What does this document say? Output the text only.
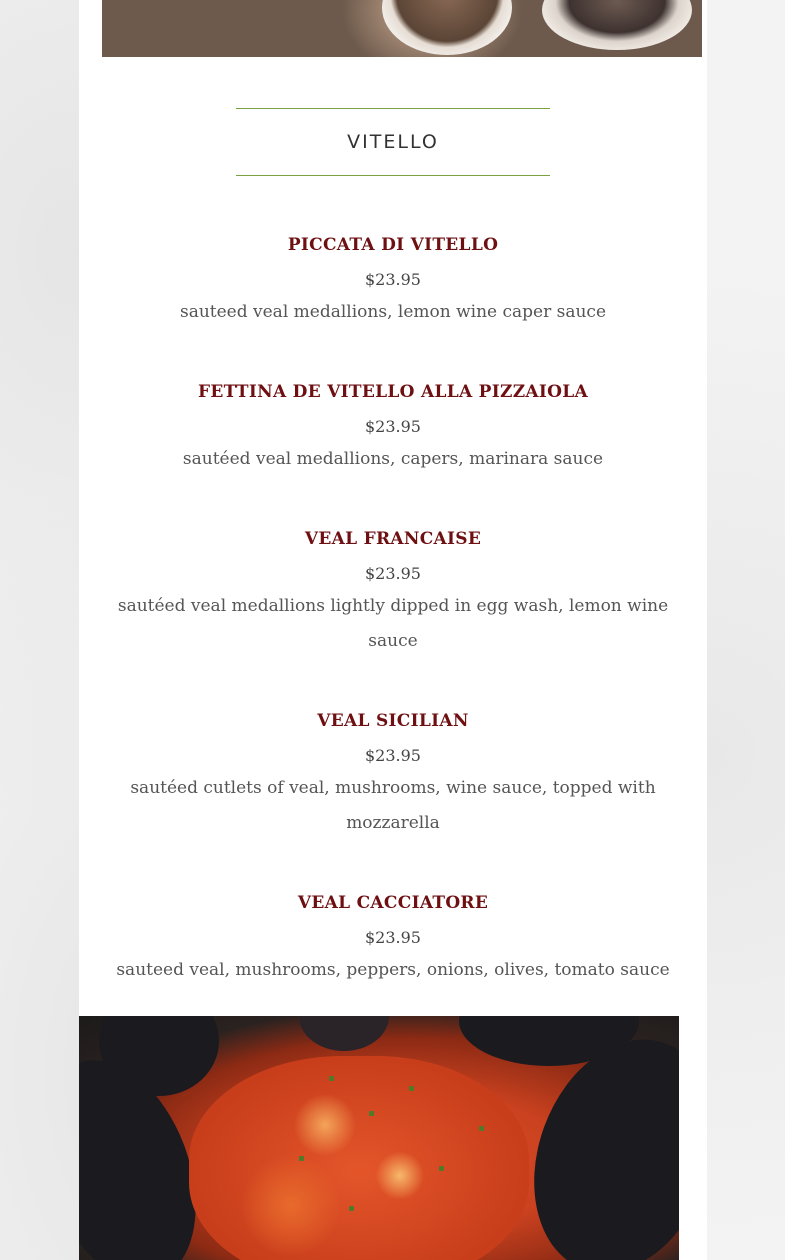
VITELLO
PICCATA DI VITELLO
$23.95
sauteed veal medallions, lemon wine caper sauce
FETTINA DE VITELLO ALLA PIZZAIOLA
$23.95
sautéed veal medallions, capers, marinara sauce
VEAL FRANCAISE
$23.95
sautéed veal medallions lightly dipped in egg wash, lemon wine sauce
VEAL SICILIAN
$23.95
sautéed cutlets of veal, mushrooms, wine sauce, topped with mozzarella
VEAL CACCIATORE
$23.95
sauteed veal, mushrooms, peppers, onions, olives, tomato sauce
